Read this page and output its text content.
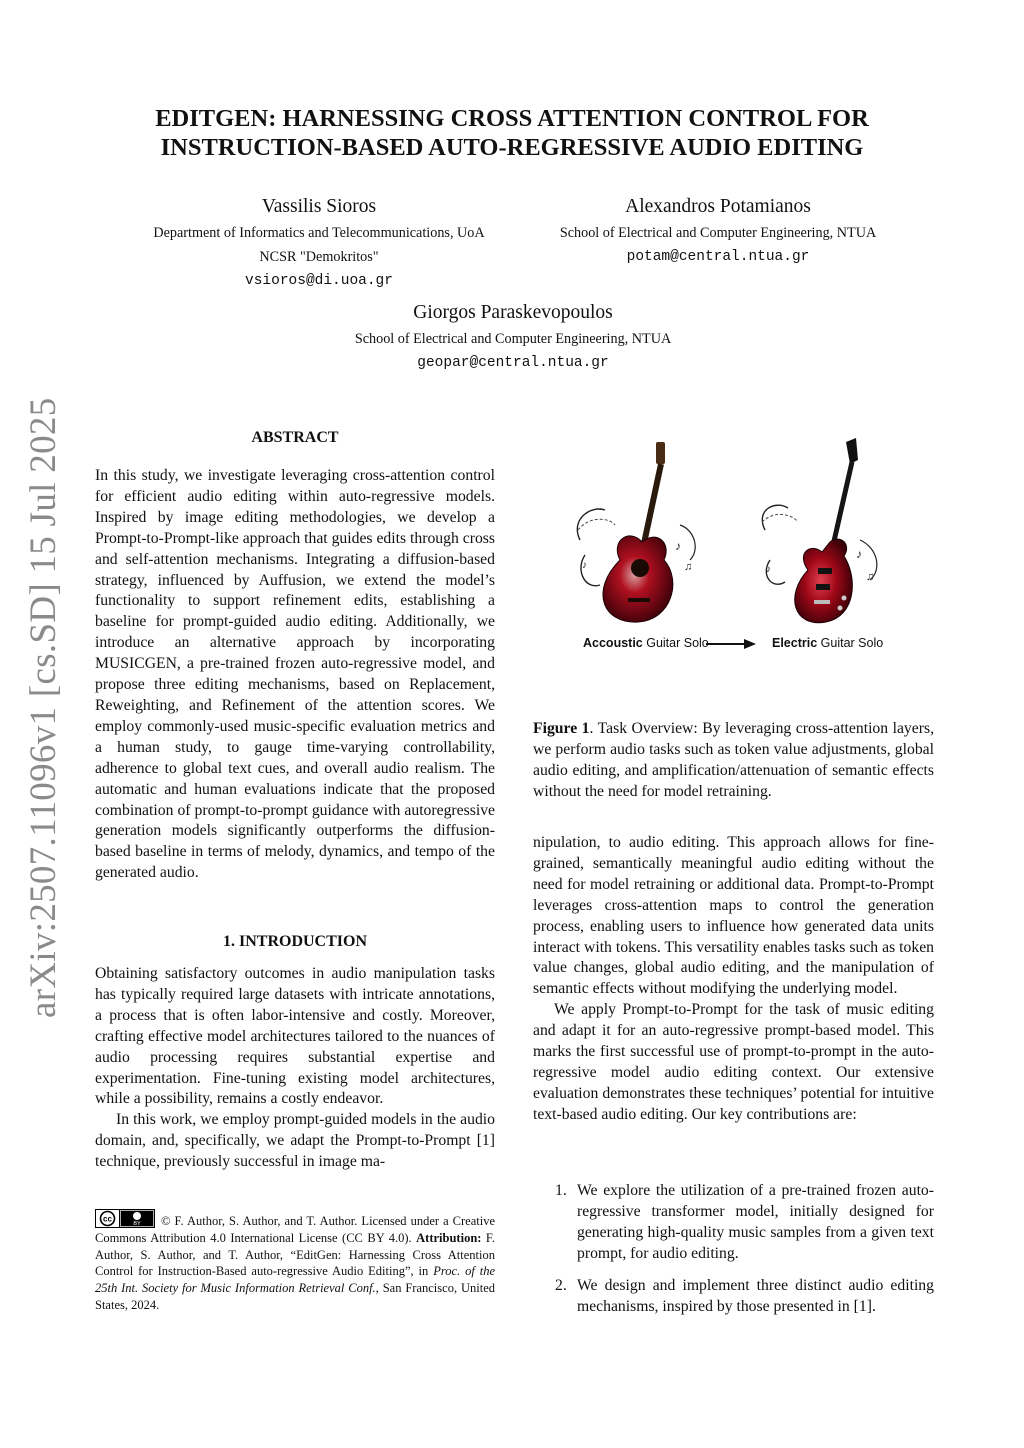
arXiv:2507.11096v1 [cs.SD] 15 Jul 2025
EDITGEN: HARNESSING CROSS ATTENTION CONTROL FOR
INSTRUCTION-BASED AUTO-REGRESSIVE AUDIO EDITING
Vassilis Sioros
Department of Informatics and Telecommunications, UoA
NCSR "Demokritos"
vsioros@di.uoa.gr
Alexandros Potamianos
School of Electrical and Computer Engineering, NTUA
potam@central.ntua.gr
Giorgos Paraskevopoulos
School of Electrical and Computer Engineering, NTUA
geopar@central.ntua.gr
ABSTRACT

In this study, we investigate leveraging cross-attention control for efficient audio editing within auto-regressive models. Inspired by image editing methodologies, we develop a Prompt-to-Prompt-like approach that guides edits through cross and self-attention mechanisms. Integrating a diffusion-based strategy, influenced by Auffusion, we extend the model’s functionality to support refinement edits, establishing a baseline for prompt-guided audio editing. Additionally, we introduce an alternative approach by incorporating MUSICGEN, a pre-trained frozen auto-regressive model, and propose three editing mechanisms, based on Replacement, Reweighting, and Refinement of the attention scores. We employ commonly-used music-specific evaluation metrics and a human study, to gauge time-varying controllability, adherence to global text cues, and overall audio realism. The automatic and human evaluations indicate that the proposed combination of prompt-to-prompt guidance with autoregressive generation models significantly outperforms the diffusion-based baseline in terms of melody, dynamics, and tempo of the generated audio.

1. INTRODUCTION

Obtaining satisfactory outcomes in audio manipulation tasks has typically required large datasets with intricate annotations, a process that is often labor-intensive and costly. Moreover, crafting effective model architectures tailored to the nuances of audio processing requires substantial expertise and experimentation. Fine-tuning existing model architectures, while a possibility, remains a costly endeavor.

In this work, we employ prompt-guided models in the audio domain, and, specifically, we adapt the Prompt-to-Prompt [1] technique, previously successful in image ma-

nipulation, to audio editing. This approach allows for fine-grained, semantically meaningful audio editing without the need for model retraining or additional data. Prompt-to-Prompt leverages cross-attention maps to control the generation process, enabling users to influence how generated data units interact with tokens. This versatility enables tasks such as token value changes, global audio editing, and the manipulation of semantic effects without modifying the underlying model.

We apply Prompt-to-Prompt for the task of music editing and adapt it for an auto-regressive prompt-based model. This marks the first successful use of prompt-to-prompt in the auto-regressive model audio editing context. Our extensive evaluation demonstrates these techniques’ potential for intuitive text-based audio editing. Our key contributions are:

♪
♫
♪
♪
♫
♪
Accoustic Guitar Solo	Electric Guitar Solo

Figure 1. Task Overview: By leveraging cross-attention layers, we perform audio tasks such as token value adjustments, global audio editing, and amplification/attenuation of semantic effects without the need for model retraining.

1. We explore the utilization of a pre-trained frozen auto-regressive transformer model, initially designed for generating high-quality music samples from a given text prompt, for audio editing.
2. We design and implement three distinct audio editing mechanisms, inspired by those presented in [1].
cc
BY © F. Author, S. Author, and T. Author. Licensed under a Creative Commons Attribution 4.0 International License (CC BY 4.0). Attribution: F. Author, S. Author, and T. Author, “EditGen: Harnessing Cross Attention Control for Instruction-Based auto-regressive Audio Editing”, in Proc. of the 25th Int. Society for Music Information Retrieval Conf., San Francisco, United States, 2024.
